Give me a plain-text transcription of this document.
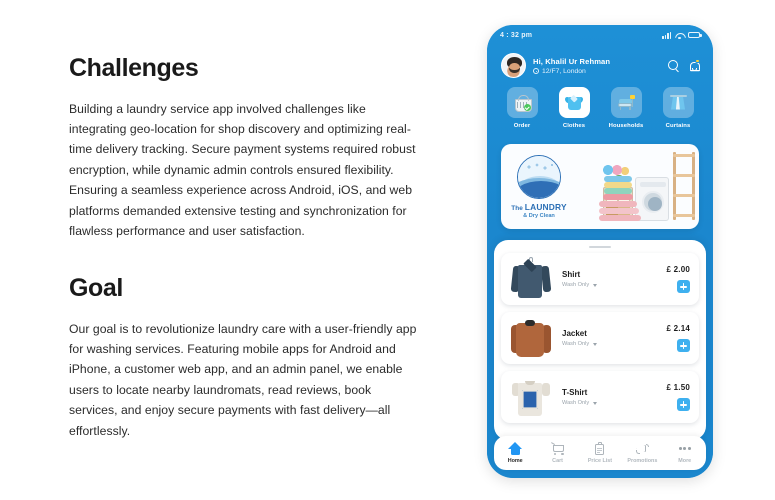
Challenges
Building a laundry service app involved challenges like integrating geo-location for shop discovery and optimizing real-time delivery tracking. Secure payment systems required robust encryption, while dynamic admin controls ensured flexibility. Ensuring a seamless experience across Android, iOS, and web platforms demanded extensive testing and synchronization for flawless performance and user satisfaction.
Goal
Our goal is to revolutionize laundry care with a user-friendly app for washing services. Featuring mobile apps for Android and iPhone, a customer web app, and an admin panel, we enable users to locate nearby laundromats, read reviews, book services, and enjoy secure payments with fast delivery—all effortlessly.
4 : 32 pm
Hi, Khalil Ur Rehman
12/F7, London
Order	Clothes	Households	Curtains
The LAUNDRY
& Dry Clean
Shirt
Wash Only
£ 2.00
Jacket
Wash Only
£ 2.14
T-Shirt
Wash Only
£ 1.50
Home	Cart	Price List	Promotions	More
